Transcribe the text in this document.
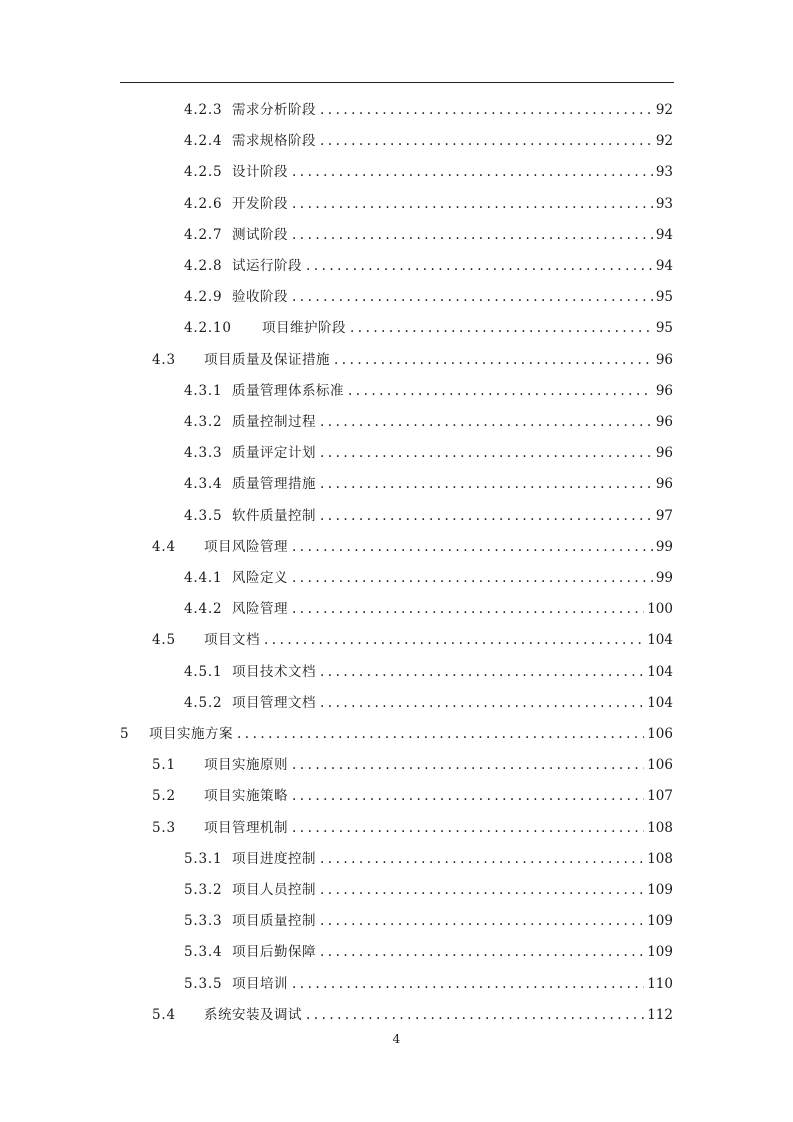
4.2.3 需求分析阶段 . . .	92
4.2.4 需求规格阶段 . . .	92
4.2.5 设计阶段 . . .	93
4.2.6 开发阶段 . . .	93
4.2.7 测试阶段 . . .	94
4.2.8 试运行阶段 . . .	94
4.2.9 验收阶段 . . .	95
4.2.10	项目维护阶段 . . .	95
4.3	项目质量及保证措施 . . .	96
4.3.1 质量管理体系标准 . . .	96
4.3.2 质量控制过程 . . .	96
4.3.3 质量评定计划 . . .	96
4.3.4 质量管理措施 . . .	96
4.3.5 软件质量控制 . . .	97
4.4	项目风险管理 . . .	99
4.4.1 风险定义 . . .	99
4.4.2 风险管理 . . .	100
4.5	项目文档 . . .	104
4.5.1 项目技术文档 . . .	104
4.5.2 项目管理文档 . . .	104
5	项目实施方案 . . .	106
5.1	项目实施原则 . . .	106
5.2	项目实施策略 . . .	107
5.3	项目管理机制 . . .	108
5.3.1 项目进度控制 . . .	108
5.3.2 项目人员控制 . . .	109
5.3.3 项目质量控制 . . .	109
5.3.4 项目后勤保障 . . .	109
5.3.5 项目培训 . . .	110
5.4	系统安装及调试 . . .	112
4
